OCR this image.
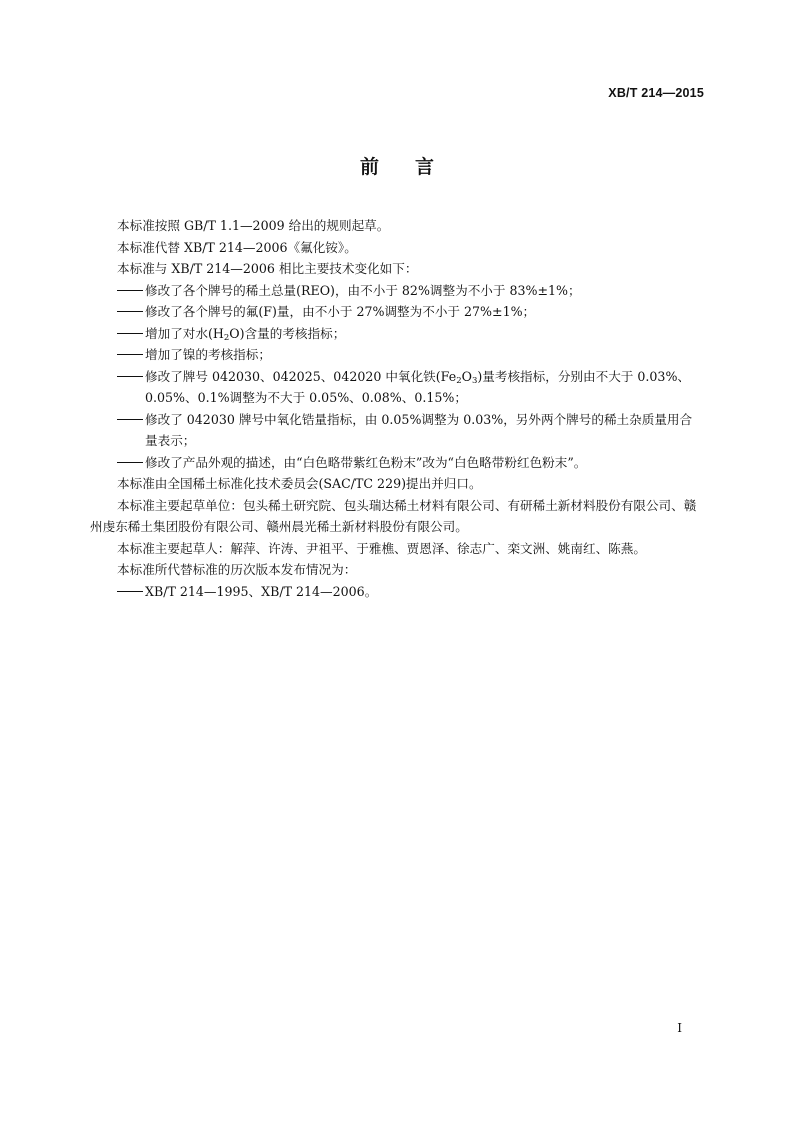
XB/T 214—2015
前言

本标准按照 GB/T 1.1—2009 给出的规则起草。

本标准代替 XB/T 214—2006《氟化铵》。

本标准与 XB/T 214—2006 相比主要技术变化如下：

修改了各个牌号的稀土总量(REO)，由不小于 82%调整为不小于 83%±1%；

修改了各个牌号的氟(F)量，由不小于 27%调整为不小于 27%±1%；

增加了对水$(H_2O)$含量的考核指标；

增加了镍的考核指标；

修改了牌号 042030、042025、042020 中氧化铁$(Fe_2O_3)$量考核指标，分别由不大于 0.03%、0.05%、0.1%调整为不大于 0.05%、0.08%、0.15%；

修改了 042030 牌号中氧化锆量指标，由 0.05%调整为 0.03%，另外两个牌号的稀土杂质量用合量表示；

修改了产品外观的描述，由“白色略带紫红色粉末”改为“白色略带粉红色粉末”。

本标准由全国稀土标准化技术委员会(SAC/TC 229)提出并归口。

本标准主要起草单位：包头稀土研究院、包头瑞达稀土材料有限公司、有研稀土新材料股份有限公司、赣州虔东稀土集团股份有限公司、赣州晨光稀土新材料股份有限公司。

本标准主要起草人：解萍、许涛、尹祖平、于雅樵、贾恩泽、徐志广、栾文洲、姚南红、陈燕。

本标准所代替标准的历次版本发布情况为：

XB/T 214—1995、XB/T 214—2006。

I
